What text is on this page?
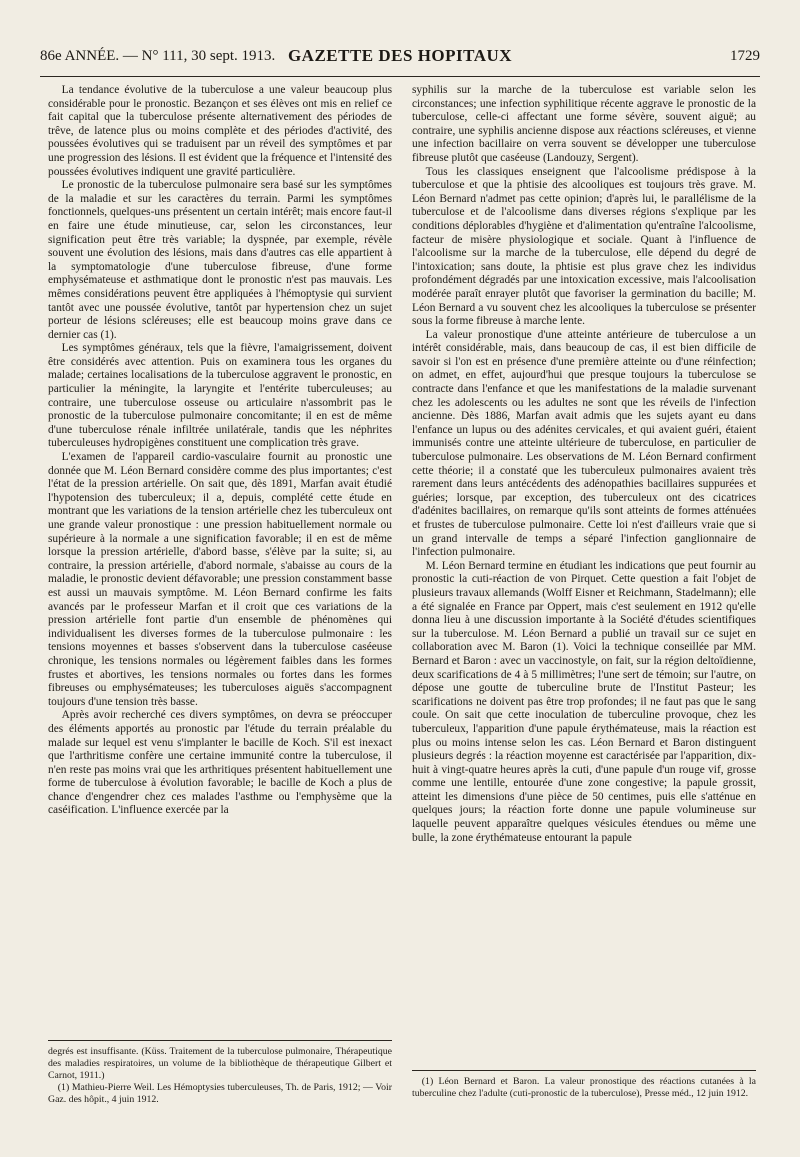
86e ANNÉE. — N° 111, 30 sept. 1913. GAZETTE DES HOPITAUX	1729

La tendance évolutive de la tuberculose a une valeur beaucoup plus considérable pour le pronostic. Bezançon et ses élèves ont mis en relief ce fait capital que la tuberculose présente alternativement des périodes de trêve, de latence plus ou moins complète et des périodes d'activité, des poussées évolutives qui se traduisent par un réveil des symptômes et par une progression des lésions. Il est évident que la fréquence et l'intensité des poussées évolutives indiquent une gravité particulière.

Le pronostic de la tuberculose pulmonaire sera basé sur les symptômes de la maladie et sur les caractères du terrain. Parmi les symptômes fonctionnels, quelques-uns présentent un certain intérêt; mais encore faut-il en faire une étude minutieuse, car, selon les circonstances, leur signification peut être très variable; la dyspnée, par exemple, révèle souvent une évolution des lésions, mais dans d'autres cas elle appartient à la symptomatologie d'une tuberculose fibreuse, d'une forme emphysémateuse et asthmatique dont le pronostic n'est pas mauvais. Les mêmes considérations peuvent être appliquées à l'hémoptysie qui survient tantôt avec une poussée évolutive, tantôt par hypertension chez un sujet porteur de lésions scléreuses; elle est beaucoup moins grave dans ce dernier cas (1).

Les symptômes généraux, tels que la fièvre, l'amaigrissement, doivent être considérés avec attention. Puis on examinera tous les organes du malade; certaines localisations de la tuberculose aggravent le pronostic, en particulier la méningite, la laryngite et l'entérite tuberculeuses; au contraire, une tuberculose osseuse ou articulaire n'assombrit pas le pronostic de la tuberculose pulmonaire concomitante; il en est de même d'une tuberculose rénale infiltrée unilatérale, tandis que les néphrites tuberculeuses hydropigènes constituent une complication très grave.

L'examen de l'appareil cardio-vasculaire fournit au pronostic une donnée que M. Léon Bernard considère comme des plus importantes; c'est l'état de la pression artérielle. On sait que, dès 1891, Marfan avait étudié l'hypotension des tuberculeux; il a, depuis, complété cette étude en montrant que les variations de la tension artérielle chez les tuberculeux ont une grande valeur pronostique : une pression habituellement normale ou supérieure à la normale a une signification favorable; il en est de même lorsque la pression artérielle, d'abord basse, s'élève par la suite; si, au contraire, la pression artérielle, d'abord normale, s'abaisse au cours de la maladie, le pronostic devient défavorable; une pression constamment basse est aussi un mauvais symptôme. M. Léon Bernard confirme les faits avancés par le professeur Marfan et il croit que ces variations de la pression artérielle font partie d'un ensemble de phénomènes qui individualisent les diverses formes de la tuberculose pulmonaire : les tensions moyennes et basses s'observent dans la tuberculose caséeuse chronique, les tensions normales ou légèrement faibles dans les formes frustes et abortives, les tensions normales ou fortes dans les formes fibreuses ou emphysémateuses; les tuberculoses aiguës s'accompagnent toujours d'une tension très basse.

Après avoir recherché ces divers symptômes, on devra se préoccuper des éléments apportés au pronostic par l'étude du terrain préalable du malade sur lequel est venu s'implanter le bacille de Koch. S'il est inexact que l'arthritisme confère une certaine immunité contre la tuberculose, il n'en reste pas moins vrai que les arthritiques présentent habituellement une forme de tuberculose à évolution favorable; le bacille de Koch a plus de chance d'engendrer chez ces malades l'asthme ou l'emphysème que la caséification. L'influence exercée par la

degrés est insuffisante. (Küss. Traitement de la tuberculose pulmonaire, Thérapeutique des maladies respiratoires, un volume de la bibliothèque de thérapeutique Gilbert et Carnot, 1911.)

(1) Mathieu-Pierre Weil. Les Hémoptysies tuberculeuses, Th. de Paris, 1912; — Voir Gaz. des hôpit., 4 juin 1912.

syphilis sur la marche de la tuberculose est variable selon les circonstances; une infection syphilitique récente aggrave le pronostic de la tuberculose, celle-ci affectant une forme sévère, souvent aiguë; au contraire, une syphilis ancienne dispose aux réactions scléreuses, et vienne une infection bacillaire on verra souvent se développer une tuberculose fibreuse plutôt que caséeuse (Landouzy, Sergent).

Tous les classiques enseignent que l'alcoolisme prédispose à la tuberculose et que la phtisie des alcooliques est toujours très grave. M. Léon Bernard n'admet pas cette opinion; d'après lui, le parallélisme de la tuberculose et de l'alcoolisme dans diverses régions s'explique par les conditions déplorables d'hygiène et d'alimentation qu'entraîne l'alcoolisme, facteur de misère physiologique et sociale. Quant à l'influence de l'alcoolisme sur la marche de la tuberculose, elle dépend du degré de l'intoxication; sans doute, la phtisie est plus grave chez les individus profondément dégradés par une intoxication excessive, mais l'alcoolisation modérée paraît enrayer plutôt que favoriser la germination du bacille; M. Léon Bernard a vu souvent chez les alcooliques la tuberculose se présenter sous la forme fibreuse à marche lente.

La valeur pronostique d'une atteinte antérieure de tuberculose a un intérêt considérable, mais, dans beaucoup de cas, il est bien difficile de savoir si l'on est en présence d'une première atteinte ou d'une réinfection; on admet, en effet, aujourd'hui que presque toujours la tuberculose se contracte dans l'enfance et que les manifestations de la maladie survenant chez les adolescents ou les adultes ne sont que les réveils de l'infection ancienne. Dès 1886, Marfan avait admis que les sujets ayant eu dans l'enfance un lupus ou des adénites cervicales, et qui avaient guéri, étaient immunisés contre une atteinte ultérieure de tuberculose, en particulier de tuberculose pulmonaire. Les observations de M. Léon Bernard confirment cette théorie; il a constaté que les tuberculeux pulmonaires avaient très rarement dans leurs antécédents des adénopathies bacillaires suppurées et guéries; lorsque, par exception, des tuberculeux ont des cicatrices d'adénites bacillaires, on remarque qu'ils sont atteints de formes atténuées et frustes de tuberculose pulmonaire. Cette loi n'est d'ailleurs vraie que si un grand intervalle de temps a séparé l'infection ganglionnaire de l'infection pulmonaire.

M. Léon Bernard termine en étudiant les indications que peut fournir au pronostic la cuti-réaction de von Pirquet. Cette question a fait l'objet de plusieurs travaux allemands (Wolff Eisner et Reichmann, Stadelmann); elle a été signalée en France par Oppert, mais c'est seulement en 1912 qu'elle donna lieu à une discussion importante à la Société d'études scientifiques sur la tuberculose. M. Léon Bernard a publié un travail sur ce sujet en collaboration avec M. Baron (1). Voici la technique conseillée par MM. Bernard et Baron : avec un vaccinostyle, on fait, sur la région deltoïdienne, deux scarifications de 4 à 5 millimètres; l'une sert de témoin; sur l'autre, on dépose une goutte de tuberculine brute de l'Institut Pasteur; les scarifications ne doivent pas être trop profondes; il ne faut pas que le sang coule. On sait que cette inoculation de tuberculine provoque, chez les tuberculeux, l'apparition d'une papule érythémateuse, mais la réaction est plus ou moins intense selon les cas. Léon Bernard et Baron distinguent plusieurs degrés : la réaction moyenne est caractérisée par l'apparition, dix-huit à vingt-quatre heures après la cuti, d'une papule d'un rouge vif, grosse comme une lentille, entourée d'une zone congestive; la papule grossit, atteint les dimensions d'une pièce de 50 centimes, puis elle s'atténue en quelques jours; la réaction forte donne une papule volumineuse sur laquelle peuvent apparaître quelques vésicules étendues ou même une bulle, la zone érythémateuse entourant la papule

(1) Léon Bernard et Baron. La valeur pronostique des réactions cutanées à la tuberculine chez l'adulte (cuti-pronostic de la tuberculose), Presse méd., 12 juin 1912.
